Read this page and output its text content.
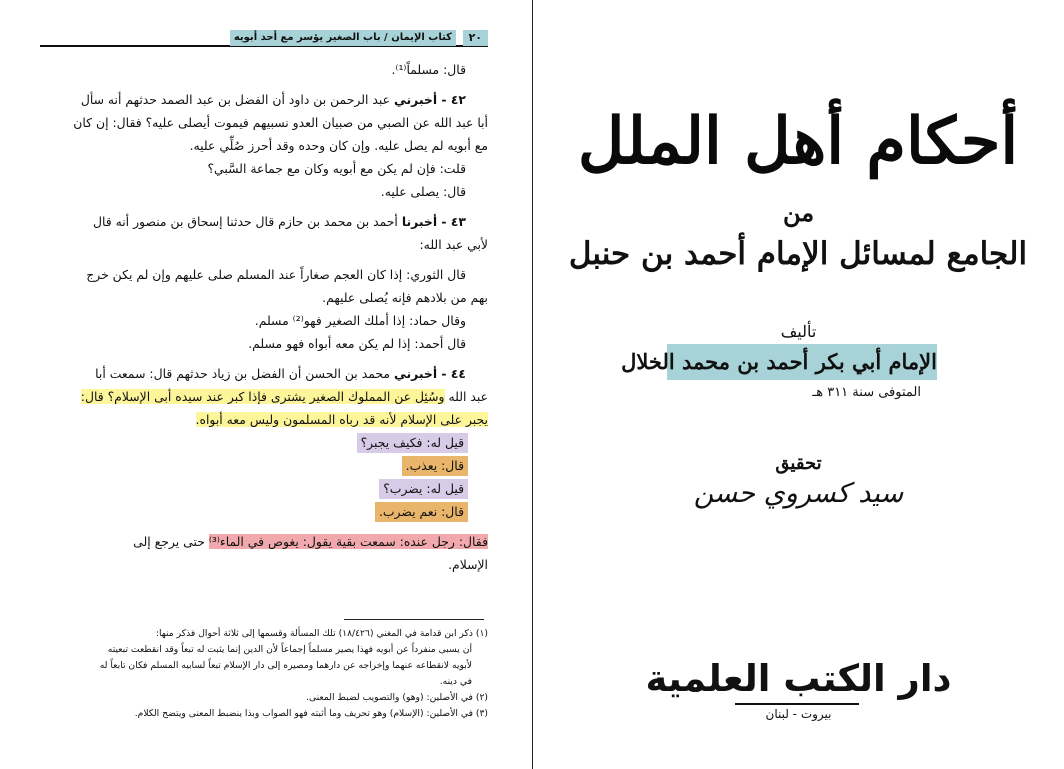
٢٠
كتاب الإيمان / باب الصغير يؤسر مع أحد أبويه
قال: مسلماً⁽¹⁾.
٤٢ - أخبرني عبد الرحمن بن داود أن الفضل بن عبد الصمد حدثهم أنه سأل
أبا عبد الله عن الصبي من صبيان العدو نسبيهم فيموت أيصلى عليه؟ فقال: إن كان
مع أبويه لم يصل عليه. وإن كان وحده وقد أحرز صُلِّي عليه.
قلت: فإن لم يكن مع أبويه وكان مع جماعة السَّبي؟
قال: يصلى عليه.
٤٣ - أخبرنا أحمد بن محمد بن حازم قال حدثنا إسحاق بن منصور أنه قال
لأبي عبد الله:
قال الثوري: إذا كان العجم صغاراً عند المسلم صلى عليهم وإن لم يكن خرج
بهم من بلادهم فإنه يُصلى عليهم.
وقال حماد: إذا أملك الصغير فهو⁽²⁾ مسلم.
قال أحمد: إذا لم يكن معه أبواه فهو مسلم.
٤٤ - أخبرني محمد بن الحسن أن الفضل بن زياد حدثهم قال: سمعت أبا
عبد الله وسُئِل عن المملوك الصغير يشترى فإذا كبر عند سيده أبى الإسلام؟ قال:
يجبر على الإسلام لأنه قد رباه المسلمون وليس معه أبواه.
قيل له: فكيف يجبر؟
قال: يعذب.
قيل له: يضرب؟
قال: نعم يضرب.
فقال: رجل عنده: سمعت بقية يقول: يغوص في الماء⁽³⁾ حتى يرجع إلى
الإسلام.
(١) ذكر ابن قدامة في المغني (١٨/٤٢٦) تلك المسألة وقسمها إلى ثلاثة أحوال فذكر منها:
أن يسبى منفرداً عن أبويه فهذا يصير مسلماً إجماعاً لأن الدين إنما يثبت له تبعاً وقد انقطعت تبعيته
لأبويه لانقطاعه عنهما وإخراجه عن دارهما ومصيره إلى دار الإسلام تبعاً لسابيه المسلم فكان تابعاً له
في دينه.
(٢) في الأصلين: (وهو) والتصويب لضبط المعنى.
(٣) في الأصلين: (الإسلام) وهو تحريف وما أثبته فهو الصواب وبذا ينضبط المعنى ويتضح الكلام.
أحكام أهل الملل
من
الجامع لمسائل الإمام أحمد بن حنبل
تأليف
الإمام أبي بكر أحمد بن محمد الخلال
المتوفى سنة ٣١١ هـ
تحقيق
سيد كسروي حسن
دار الكتب العلمية
بيروت - لبنان
